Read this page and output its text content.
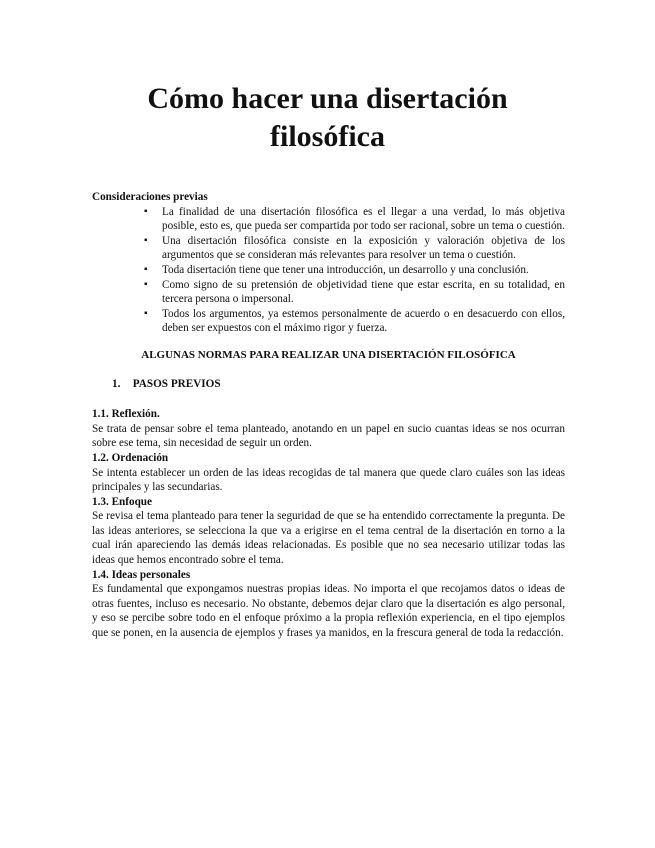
Cómo hacer una disertación
filosófica

Consideraciones previas

▪ La finalidad de una disertación filosófica es el llegar a una verdad, lo más objetiva posible, esto es, que pueda ser compartida por todo ser racional, sobre un tema o cuestión.
▪ Una disertación filosófica consiste en la exposición y valoración objetiva de los argumentos que se consideran más relevantes para resolver un tema o cuestión.
▪ Toda disertación tiene que tener una introducción, un desarrollo y una conclusión.
▪ Como signo de su pretensión de objetividad tiene que estar escrita, en su totalidad, en tercera persona o impersonal.
▪ Todos los argumentos, ya estemos personalmente de acuerdo o en desacuerdo con ellos, deben ser expuestos con el máximo rigor y fuerza.

ALGUNAS NORMAS PARA REALIZAR UNA DISERTACIÓN FILOSÓFICA

1. PASOS PREVIOS

1.1. Reflexión.

Se trata de pensar sobre el tema planteado, anotando en un papel en sucio cuantas ideas se nos ocurran sobre ese tema, sin necesidad de seguir un orden.

1.2. Ordenación

Se intenta establecer un orden de las ideas recogidas de tal manera que quede claro cuáles son las ideas principales y las secundarias.

1.3. Enfoque

Se revisa el tema planteado para tener la seguridad de que se ha entendido correctamente la pregunta. De las ideas anteriores, se selecciona la que va a erigirse en el tema central de la disertación en torno a la cual irán apareciendo las demás ideas relacionadas. Es posible que no sea necesario utilizar todas las ideas que hemos encontrado sobre el tema.

1.4. Ideas personales

Es fundamental que expongamos nuestras propias ideas. No importa el que recojamos datos o ideas de otras fuentes, incluso es necesario. No obstante, debemos dejar claro que la disertación es algo personal, y eso se percibe sobre todo en el enfoque próximo a la propia reflexión experiencia, en el tipo ejemplos que se ponen, en la ausencia de ejemplos y frases ya manidos, en la frescura general de toda la redacción.
